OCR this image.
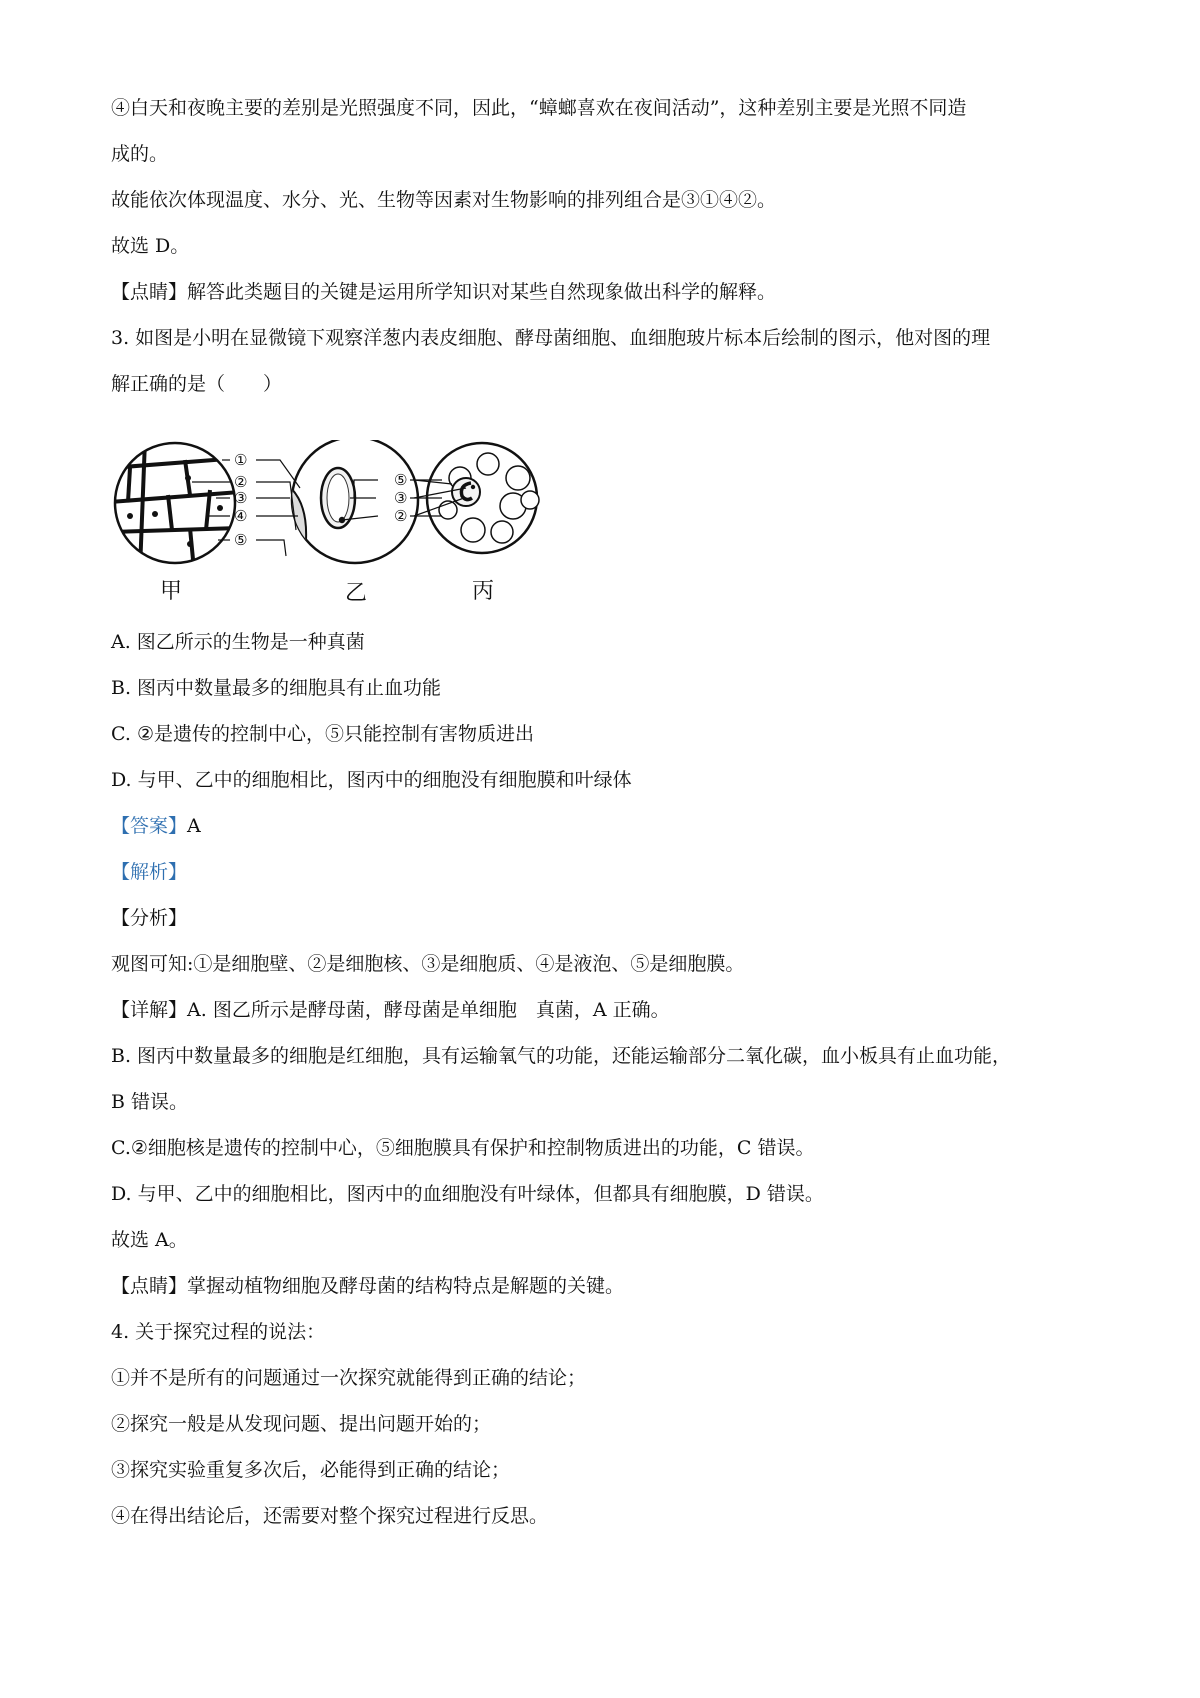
④白天和夜晚主要的差别是光照强度不同，因此，“蟑螂喜欢在夜间活动”，这种差别主要是光照不同造
成的。
故能依次体现温度、水分、光、生物等因素对生物影响的排列组合是③①④②。
故选 D。
【点睛】解答此类题目的关键是运用所学知识对某些自然现象做出科学的解释。
3. 如图是小明在显微镜下观察洋葱内表皮细胞、酵母菌细胞、血细胞玻片标本后绘制的图示，他对图的理
解正确的是（　　）
①
②
③
④
⑤
⑤
③
②
甲	乙	丙
A. 图乙所示的生物是一种真菌
B. 图丙中数量最多的细胞具有止血功能
C. ②是遗传的控制中心，⑤只能控制有害物质进出
D. 与甲、乙中的细胞相比，图丙中的细胞没有细胞膜和叶绿体
【答案】A
【解析】
【分析】
观图可知:①是细胞壁、②是细胞核、③是细胞质、④是液泡、⑤是细胞膜。
【详解】A. 图乙所示是酵母菌，酵母菌是单细胞　真菌，A 正确。
B. 图丙中数量最多的细胞是红细胞，具有运输氧气的功能，还能运输部分二氧化碳，血小板具有止血功能，
B 错误。
C.②细胞核是遗传的控制中心，⑤细胞膜具有保护和控制物质进出的功能，C 错误。
D. 与甲、乙中的细胞相比，图丙中的血细胞没有叶绿体，但都具有细胞膜，D 错误。
故选 A。
【点睛】掌握动植物细胞及酵母菌的结构特点是解题的关键。
4. 关于探究过程的说法：
①并不是所有的问题通过一次探究就能得到正确的结论；
②探究一般是从发现问题、提出问题开始的；
③探究实验重复多次后，必能得到正确的结论；
④在得出结论后，还需要对整个探究过程进行反思。
